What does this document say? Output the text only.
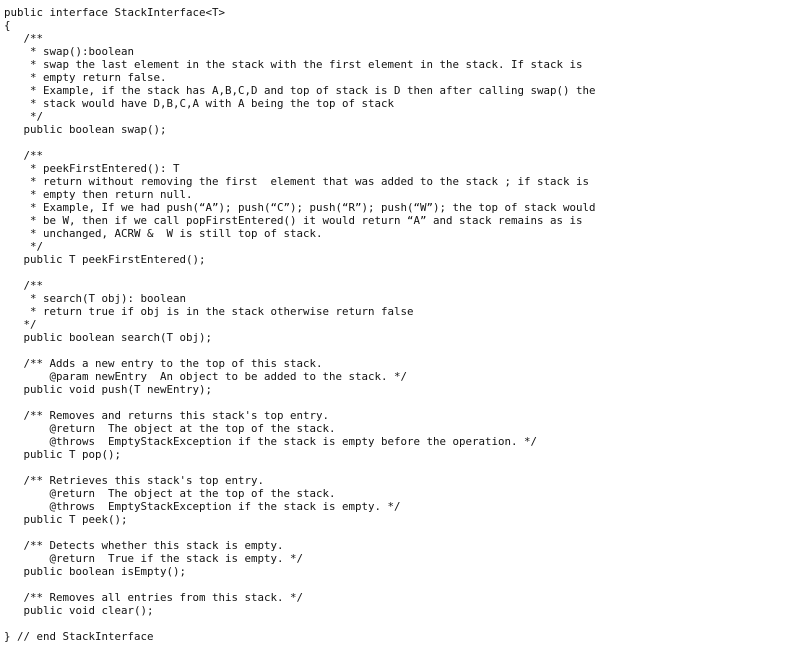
public interface StackInterface<T>
{
/**
* swap():boolean
* swap the last element in the stack with the first element in the stack. If stack is
* empty return false.
* Example, if the stack has A,B,C,D and top of stack is D then after calling swap() the
* stack would have D,B,C,A with A being the top of stack
*/
public boolean swap();
/**
* peekFirstEntered(): T
* return without removing the first  element that was added to the stack ; if stack is
* empty then return null.
* Example, If we had push(“A”); push(“C”); push(“R”); push(“W”); the top of stack would
* be W, then if we call popFirstEntered() it would return “A” and stack remains as is
* unchanged, ACRW &  W is still top of stack.
*/
public T peekFirstEntered();
/**
* search(T obj): boolean
* return true if obj is in the stack otherwise return false
*/
public boolean search(T obj);
/** Adds a new entry to the top of this stack.
@param newEntry  An object to be added to the stack. */
public void push(T newEntry);
/** Removes and returns this stack's top entry.
@return  The object at the top of the stack.
@throws  EmptyStackException if the stack is empty before the operation. */
public T pop();
/** Retrieves this stack's top entry.
@return  The object at the top of the stack.
@throws  EmptyStackException if the stack is empty. */
public T peek();
/** Detects whether this stack is empty.
@return  True if the stack is empty. */
public boolean isEmpty();
/** Removes all entries from this stack. */
public void clear();
} // end StackInterface
